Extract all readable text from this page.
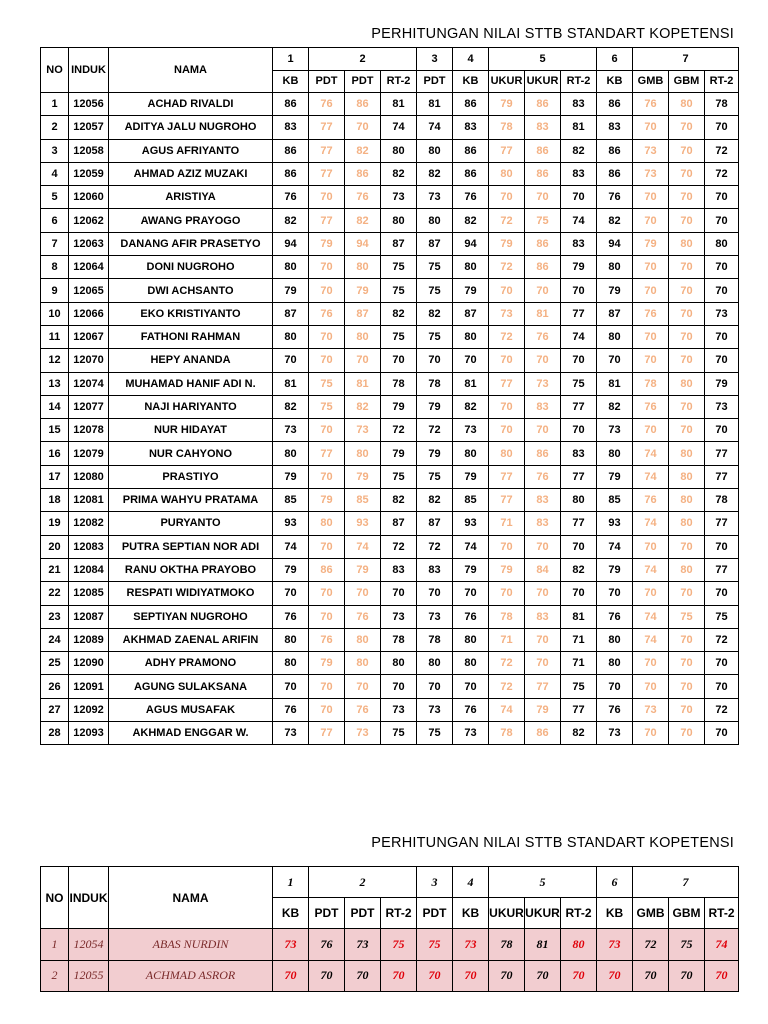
PERHITUNGAN NILAI STTB STANDART KOPETENSI
NO	INDUK	NAMA	1	2			3	4	5			6	7		
			KB	PDT	PDT	RT-2	PDT	KB	UKUR	UKUR	RT-2	KB	GMB	GBM	RT-2
1	12056	ACHAD RIVALDI	86	76	86	81	81	86	79	86	83	86	76	80	78
2	12057	ADITYA JALU NUGROHO	83	77	70	74	74	83	78	83	81	83	70	70	70
3	12058	AGUS AFRIYANTO	86	77	82	80	80	86	77	86	82	86	73	70	72
4	12059	AHMAD AZIZ MUZAKI	86	77	86	82	82	86	80	86	83	86	73	70	72
5	12060	ARISTIYA	76	70	76	73	73	76	70	70	70	76	70	70	70
6	12062	AWANG PRAYOGO	82	77	82	80	80	82	72	75	74	82	70	70	70
7	12063	DANANG AFIR PRASETYO	94	79	94	87	87	94	79	86	83	94	79	80	80
8	12064	DONI NUGROHO	80	70	80	75	75	80	72	86	79	80	70	70	70
9	12065	DWI ACHSANTO	79	70	79	75	75	79	70	70	70	79	70	70	70
10	12066	EKO KRISTIYANTO	87	76	87	82	82	87	73	81	77	87	76	70	73
11	12067	FATHONI RAHMAN	80	70	80	75	75	80	72	76	74	80	70	70	70
12	12070	HEPY ANANDA	70	70	70	70	70	70	70	70	70	70	70	70	70
13	12074	MUHAMAD HANIF ADI N.	81	75	81	78	78	81	77	73	75	81	78	80	79
14	12077	NAJI HARIYANTO	82	75	82	79	79	82	70	83	77	82	76	70	73
15	12078	NUR HIDAYAT	73	70	73	72	72	73	70	70	70	73	70	70	70
16	12079	NUR CAHYONO	80	77	80	79	79	80	80	86	83	80	74	80	77
17	12080	PRASTIYO	79	70	79	75	75	79	77	76	77	79	74	80	77
18	12081	PRIMA WAHYU PRATAMA	85	79	85	82	82	85	77	83	80	85	76	80	78
19	12082	PURYANTO	93	80	93	87	87	93	71	83	77	93	74	80	77
20	12083	PUTRA SEPTIAN NOR ADI	74	70	74	72	72	74	70	70	70	74	70	70	70
21	12084	RANU OKTHA PRAYOBO	79	86	79	83	83	79	79	84	82	79	74	80	77
22	12085	RESPATI WIDIYATMOKO	70	70	70	70	70	70	70	70	70	70	70	70	70
23	12087	SEPTIYAN NUGROHO	76	70	76	73	73	76	78	83	81	76	74	75	75
24	12089	AKHMAD ZAENAL ARIFIN	80	76	80	78	78	80	71	70	71	80	74	70	72
25	12090	ADHY PRAMONO	80	79	80	80	80	80	72	70	71	80	70	70	70
26	12091	AGUNG SULAKSANA	70	70	70	70	70	70	72	77	75	70	70	70	70
27	12092	AGUS MUSAFAK	76	70	76	73	73	76	74	79	77	76	73	70	72
28	12093	AKHMAD ENGGAR W.	73	77	73	75	75	73	78	86	82	73	70	70	70
PERHITUNGAN NILAI STTB STANDART KOPETENSI
NO	INDUK	NAMA	1	2			3	4	5			6	7		
			KB	PDT	PDT	RT-2	PDT	KB	UKUR	UKUR	RT-2	KB	GMB	GBM	RT-2
1	12054	ABAS NURDIN	73	76	73	75	75	73	78	81	80	73	72	75	74
2	12055	ACHMAD ASROR	70	70	70	70	70	70	70	70	70	70	70	70	70
